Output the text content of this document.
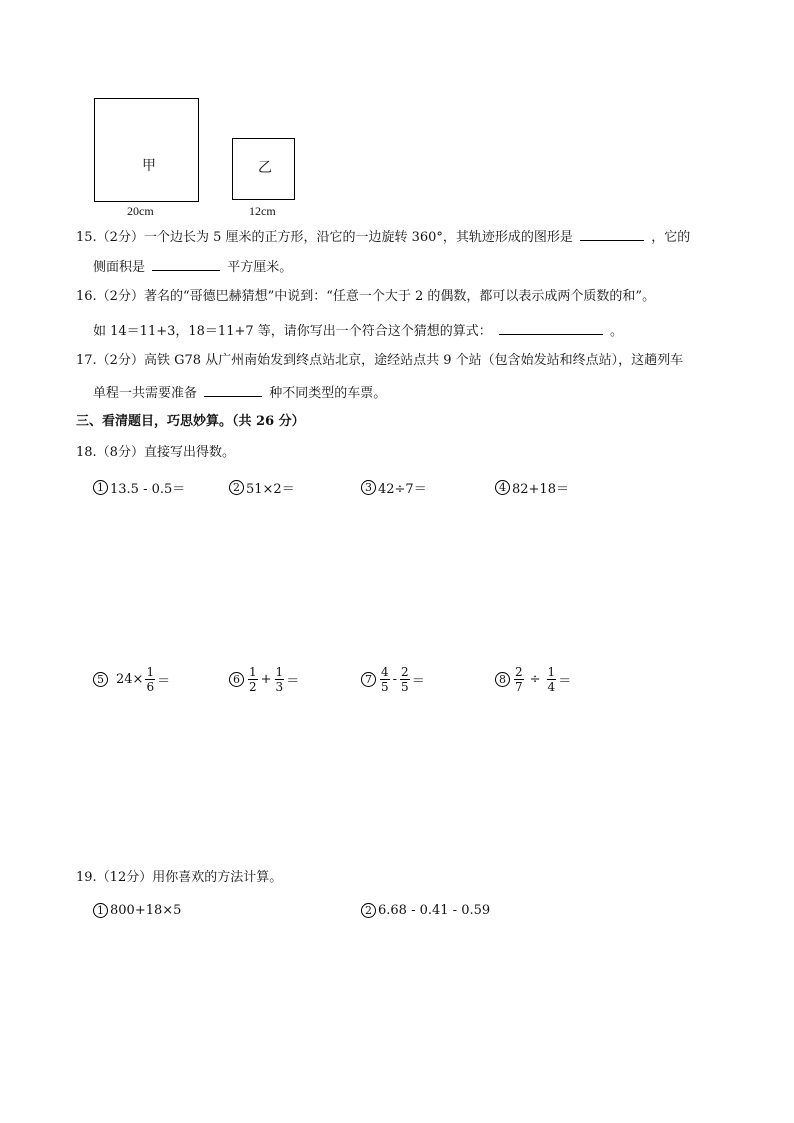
甲
20cm
乙
12cm
15.（2分）一个边长为 5 厘米的正方形，沿它的一边旋转 360°，其轨迹形成的图形是	，它的
侧面积是	平方厘米。
16.（2分）著名的“哥德巴赫猜想”中说到：“任意一个大于 2 的偶数，都可以表示成两个质数的和”。
如 14＝11+3，18＝11+7 等，请你写出一个符合这个猜想的算式：	。
17.（2分）高铁 G78 从广州南始发到终点站北京，途经站点共 9 个站（包含始发站和终点站），这趟列车
单程一共需要准备	种不同类型的车票。
三、看清题目，巧思妙算。（共 26 分）
18.（8分）直接写出得数。
1 13.5 - 0.5＝	2 51×2＝	3 42÷7＝	4 82+18＝
5 $24\times \frac{1}{6}$ ＝	$6 \frac{1}{2} + \frac{1}{3}$ ＝	$7 \frac{4}{5} - \frac{2}{5}$ ＝	$8 \frac{2}{7} \div \frac{1}{4}$ ＝
19.（12分）用你喜欢的方法计算。
1 800+18×5	2 6.68 - 0.41 - 0.59
